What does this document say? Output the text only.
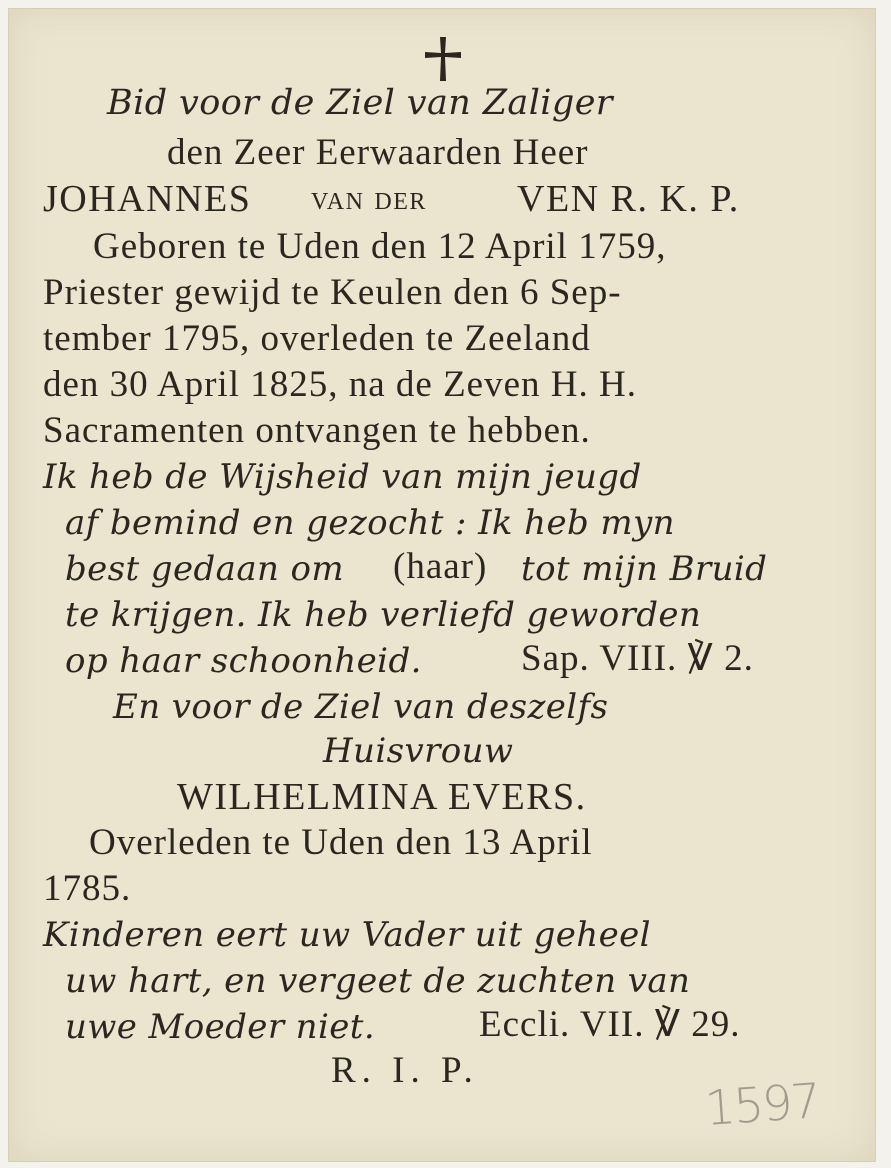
Bid voor de Ziel van Zaliger
den Zeer Eerwaarden Heer
JOHANNES van der VEN R. K. P.
Geboren te Uden den 12 April 1759,
Priester gewijd te Keulen den 6 Sep-
tember 1795, overleden te Zeeland
den 30 April 1825, na de Zeven H. H.
Sacramenten ontvangen te hebben.
Ik heb de Wijsheid van mijn jeugd
af bemind en gezocht : Ik heb myn
best gedaan om (haar) tot mijn Bruid
te krijgen. Ik heb verliefd geworden
op haar schoonheid.	Sap. VIII. ℣ 2.
En voor de Ziel van deszelfs
Huisvrouw
WILHELMINA EVERS.
Overleden te Uden den 13 April
1785.
Kinderen eert uw Vader uit geheel
uw hart, en vergeet de zuchten van
uwe Moeder niet.	Eccli. VII. ℣ 29.
R. I. P.
1597
